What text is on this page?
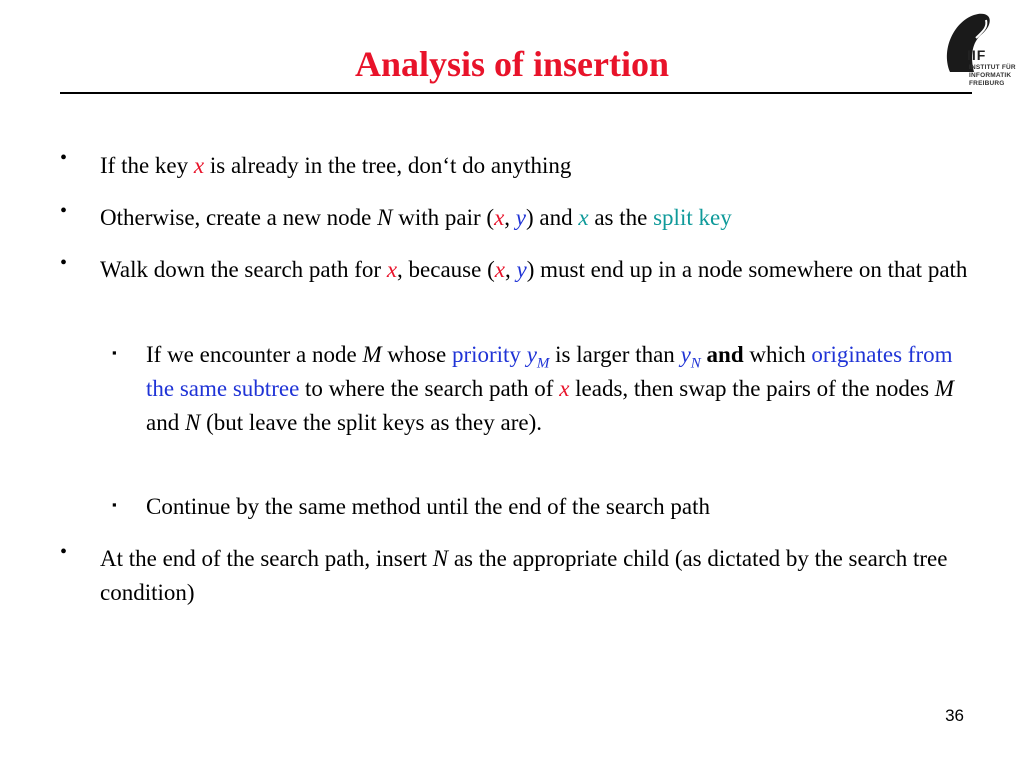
Analysis of insertion	IIF
INSTITUT FÜR
INFORMATIK
FREIBURG
• If the key x is already in the tree, don‘t do anything
• Otherwise, create a new node N with pair (x, y) and x as the split key
• Walk down the search path for x, because (x, y) must end up in a node somewhere on that path
▪ If we encounter a node M whose priority $y_M$ is larger than $y_N$ and which originates from the same subtree to where the search path of x leads, then swap the pairs of the nodes M and N (but leave the split keys as they are).
▪ Continue by the same method until the end of the search path
• At the end of the search path, insert N as the appropriate child (as dictated by the search tree condition)
36
